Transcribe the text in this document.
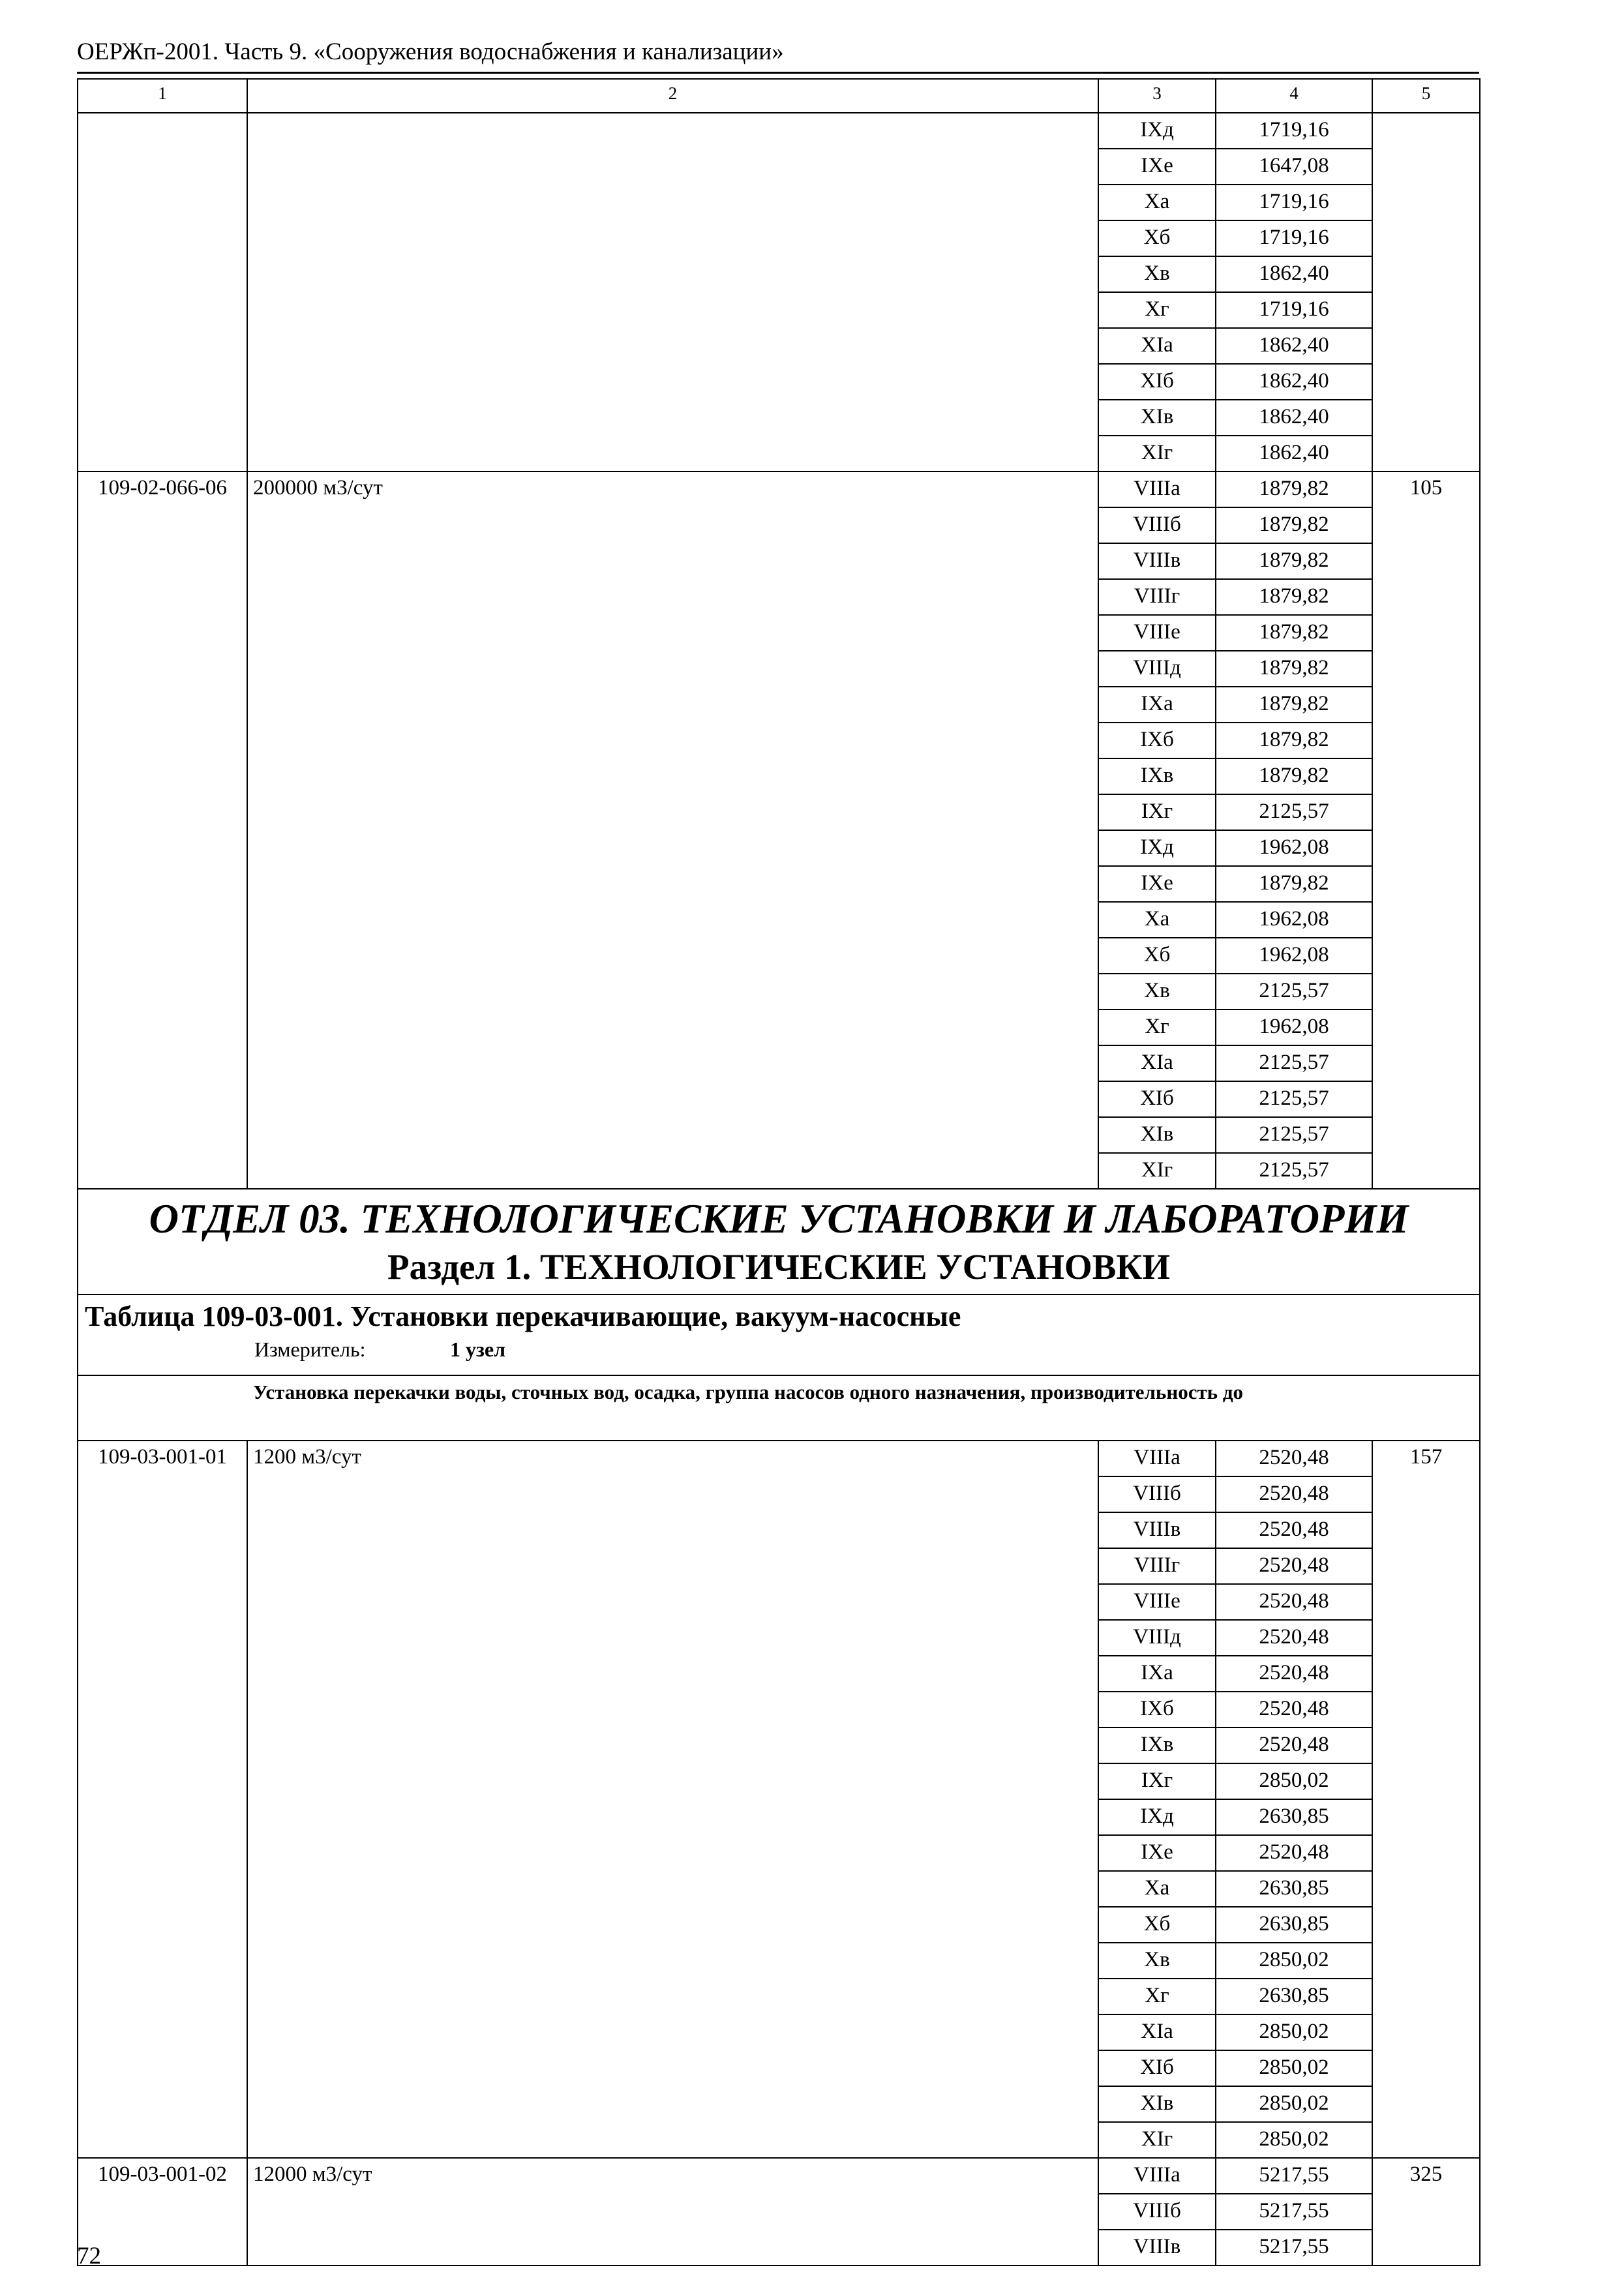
ОЕРЖп-2001. Часть 9. «Сооружения водоснабжения и канализации»
1	2	3	4	5
		IXд	1719,16	
		IXе	1647,08	
		Xа	1719,16	
		Xб	1719,16	
		Xв	1862,40	
		Xг	1719,16	
		XIа	1862,40	
		XIб	1862,40	
		XIв	1862,40	
		XIг	1862,40	
109-02-066-06	200000 м3/сут	VIIIа	1879,82	105
		VIIIб	1879,82	
		VIIIв	1879,82	
		VIIIг	1879,82	
		VIIIе	1879,82	
		VIIIд	1879,82	
		IXа	1879,82	
		IXб	1879,82	
		IXв	1879,82	
		IXг	2125,57	
		IXд	1962,08	
		IXе	1879,82	
		Xа	1962,08	
		Xб	1962,08	
		Xв	2125,57	
		Xг	1962,08	
		XIа	2125,57	
		XIб	2125,57	
		XIв	2125,57	
		XIг	2125,57	

ОТДЕЛ 03. ТЕХНОЛОГИЧЕСКИЕ УСТАНОВКИ И ЛАБОРАТОРИИ
Раздел 1. ТЕХНОЛОГИЧЕСКИЕ УСТАНОВКИ				

Таблица 109-03-001. Установки перекачивающие, вакуум-насосные
Измеритель: 1 узел				

Установка перекачки воды, сточных вод, осадка, группа насосов одного назначения, производительность до				
109-03-001-01	1200 м3/сут	VIIIа	2520,48	157
		VIIIб	2520,48	
		VIIIв	2520,48	
		VIIIг	2520,48	
		VIIIе	2520,48	
		VIIIд	2520,48	
		IXа	2520,48	
		IXб	2520,48	
		IXв	2520,48	
		IXг	2850,02	
		IXд	2630,85	
		IXе	2520,48	
		Xа	2630,85	
		Xб	2630,85	
		Xв	2850,02	
		Xг	2630,85	
		XIа	2850,02	
		XIб	2850,02	
		XIв	2850,02	
		XIг	2850,02	
109-03-001-02	12000 м3/сут	VIIIа	5217,55	325
		VIIIб	5217,55	
		VIIIв	5217,55	
72
